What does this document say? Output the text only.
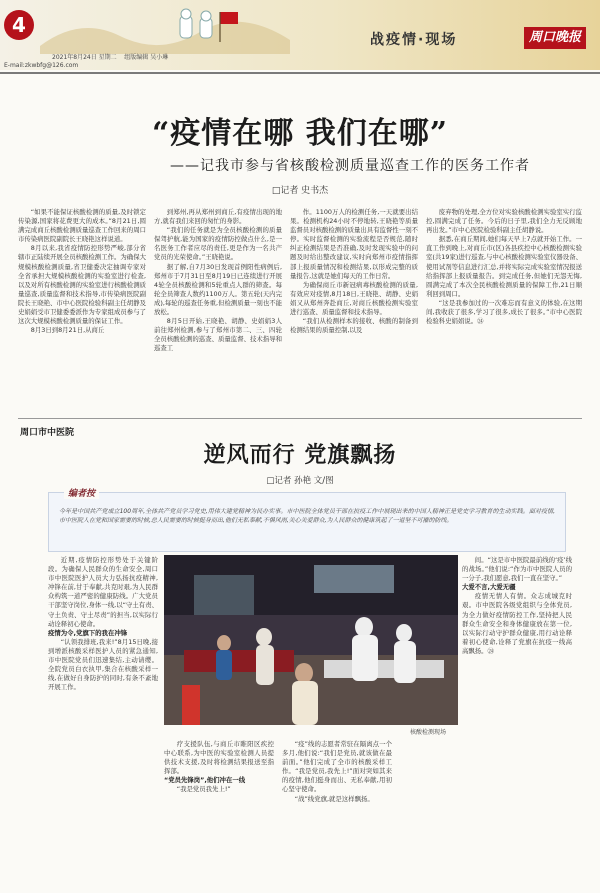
4
战疫情·现场	周口晚报
2021年8月24日 星期二 组版编辑 吴小琳
E-mail:zkwbfg@126.com
“疫情在哪 我们在哪”
——记我市参与省核酸检测质量巡查工作的医务工作者
□记者 史书杰

“如果不能保证核酸检测的质量,及时锁定传染源,国家将花费更大的成本。”8月21日,圆满完成商丘核酸检测质量巡查工作回来的周口市传染病医院副院长王晓艳这样说道。

8月以来,我省疫情防控形势严峻,部分省辖市正陆续开展全员核酸检测工作。为确保大规模核酸检测质量,省卫健委决定抽调专家对全省承担大规模核酸检测的实验室进行检查,以及对所有核酸检测的实验室进行核酸检测质量巡查,质量监督和技术指导,市传染病医院副院长王晓艳、市中心医院检验科副主任胡静及史娟娟受市卫健委委派作为专家组成员参与了这次大规模核酸检测质量的保证工作。

8月3日到8月21日,从商丘

到郑州,再从郑州到商丘,有疫情出现的地方,就有我们来回的匆忙的身影。

“我们的任务就是为全员核酸检测的质量保驾护航,能为国家的疫情防控做点什么,是一名医务工作者应尽的责任,更是作为一名共产党员的光荣使命。”王晓艳说。

据了解,自7月30日发现首例阳性病例后,郑州市于7月31日至8月19日已连续进行开展4轮全员核酸检测和5轮重点人群的筛查。每轮全员筛查人数约1100万人。第五轮(天内完成),每轮的巡查任务重,但检测质量一刻也不能放松。

8月5日开始,王晓艳、胡静、史娟娟3人前往郑州检测,参与了郑州市第二、三、四轮全员核酸检测的巡查、质量监督、技术指导和巡查工

作。1100万人的检测任务,一天就要出结果。检测机构24小时不停地转,王晓艳等质量监督员对核酸检测的质量出具有监督性一刻不停。实时监督检测的实验流程是否规范,随时纠正检测结果是否准确,及时发现实验中的问题及时给出整改建议,实时向郑州市疫情指挥部上报质量情况和检测结果,以形成完整的质量报告,这就是她们每天的工作日常。

为确保商丘市新冠病毒核酸检测的质量,有效应对疫情,8月18日,王晓艳、胡静、史娟娟又从郑州奔赴商丘,对商丘核酸检测实验室进行巡查、质量监督和技术指导。

“我们从检测样本的接收、核酸的制备到检测结果的质量控制,以及

废弃物的处理,全方位对实验核酸检测实验室实行监控,圆满完成了任务。今后的日子里,我们全力无反顾地再出发。”市中心医院检验科副主任胡静说。

据悉,在商丘期间,她们每天早上7点就开始工作。一直工作到晚上,对商丘市(区)各县疾控中心核酸检测实验室(共19家)进行巡查,与中心核酸检测实验室仪器设备、使用试剂等信息进行汇总,并将实际完成实验室情况报送给指挥部上报质量报告。到完成任务,但她们无怨无悔,圆满完成了本次全民核酸检测质量的保障工作,21日顺利回到周口。

“这是我参加过的一次难忘而有意义的体验,在这期间,我收获了很多,学习了很多,成长了很多。”市中心医院检验科史娟娟说。㉔

周口市中医院
逆风而行 党旗飘扬
□记者 孙艳 文/图
编者按
今年是中国共产党成立100周年,全体共产党员学习党史,用伟大建党精神为民办实事。市中医院全体党员干部在抗疫工作中展现出来的中国人精神正是党史学习教育的生动实践。面对疫情,市中医院人在党和国家需要的时候,总人民需要的时候挺身而出,他们无私奉献,不惧风雨,关心关爱群众,为人民群众的健康筑起了一道坚不可摧的防线。
核酸检测现场

近期,疫情防控形势处于关键阶段。为确保人民群众的生命安全,周口市中医院医护人员大力弘扬抗疫精神,冲锋在前,甘于奉献,共克时艰,为人民群众构筑一道严密的健康防线。广大党员干部坚守岗位,身体一线,以“守土有责、守土负责、守土尽责”的担当,以实际行动诠释初心使命。

疫情为令,党旗下的我在冲锋

“认领我排班,我来!”8月15日晚,接到增派核酸采样医护人员的紧急通知,市中医院党员们迅速集结,主动请缨。全院党员白衣执甲,集合在核酸采样一线,在做好自身防护的同时,有条不紊地开展工作。

疗支援队伍,与商丘市睢阳区疾控中心联系,为中医的实验室检测人员提供技术支援,及时将检测结果报送至指挥部。

“党员先锋岗”,他们冲在一线

“我是党员我先上!”

“疫”线的志愿者常驻在隔离点一个多月,他们说:“我们是党员,就该做在最前面。”他们完成了全市的核酸采样工作。“我是党员,我先上!”面对突如其来的疫情,他们挺身而出、无私奉献,用初心坚守使命。

“战”线党旗,就是这样飘扬。

间。“这是市中医院最前线的‘疫’线的战场。”他们说:“作为市中医院人员的一分子,我们愿意,我们一直在坚守。”

大爱不言,大爱无疆

疫情无情人有情。众志成城克时艰。市中医院各级党组织与全体党员,为全力做好疫情防控工作,坚持把人民群众生命安全和身体健康放在第一位,以实际行动守护群众健康,用行动诠释着初心使命,诠释了党旗在抗疫一线高高飘扬。㉔
